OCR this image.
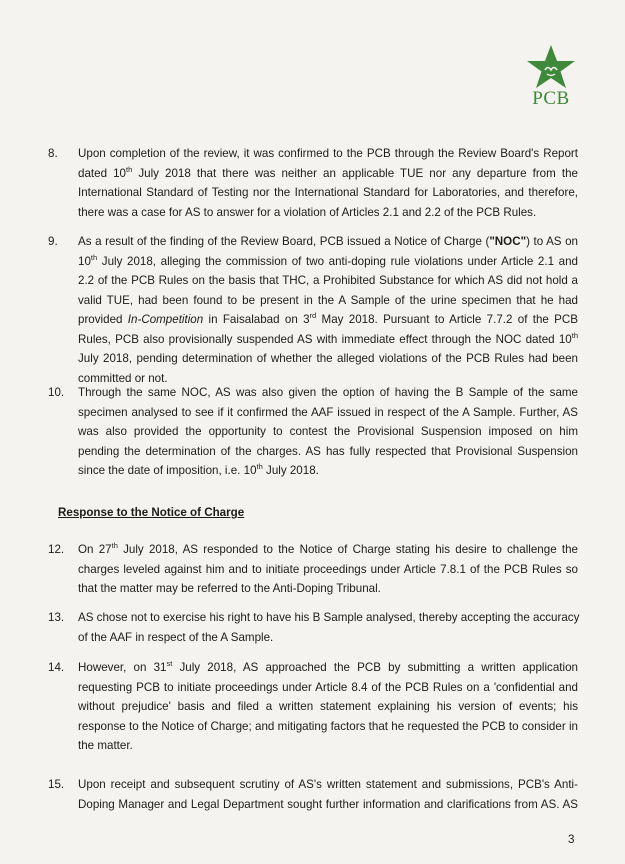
PCB
8. Upon completion of the review, it was confirmed to the PCB through the Review Board's Report
dated 10th July 2018 that there was neither an applicable TUE nor any departure from the
International Standard of Testing nor the International Standard for Laboratories, and therefore,
there was a case for AS to answer for a violation of Articles 2.1 and 2.2 of the PCB Rules.
9. As a result of the finding of the Review Board, PCB issued a Notice of Charge ("NOC") to AS on
10th July 2018, alleging the commission of two anti-doping rule violations under Article 2.1 and
2.2 of the PCB Rules on the basis that THC, a Prohibited Substance for which AS did not hold a
valid TUE, had been found to be present in the A Sample of the urine specimen that he had
provided In-Competition in Faisalabad on 3rd May 2018. Pursuant to Article 7.7.2 of the PCB
Rules, PCB also provisionally suspended AS with immediate effect through the NOC dated 10th
July 2018, pending determination of whether the alleged violations of the PCB Rules had been
committed or not.
10. Through the same NOC, AS was also given the option of having the B Sample of the same
specimen analysed to see if it confirmed the AAF issued in respect of the A Sample. Further, AS
was also provided the opportunity to contest the Provisional Suspension imposed on him
pending the determination of the charges. AS has fully respected that Provisional Suspension
since the date of imposition, i.e. 10th July 2018.
Response to the Notice of Charge
12. On 27th July 2018, AS responded to the Notice of Charge stating his desire to challenge the
charges leveled against him and to initiate proceedings under Article 7.8.1 of the PCB Rules so
that the matter may be referred to the Anti-Doping Tribunal.
13. AS chose not to exercise his right to have his B Sample analysed, thereby accepting the accuracy
of the AAF in respect of the A Sample.
14. However, on 31st July 2018, AS approached the PCB by submitting a written application
requesting PCB to initiate proceedings under Article 8.4 of the PCB Rules on a 'confidential and
without prejudice' basis and filed a written statement explaining his version of events; his
response to the Notice of Charge; and mitigating factors that he requested the PCB to consider in
the matter.
15. Upon receipt and subsequent scrutiny of AS's written statement and submissions, PCB's Anti-
Doping Manager and Legal Department sought further information and clarifications from AS. AS
3
